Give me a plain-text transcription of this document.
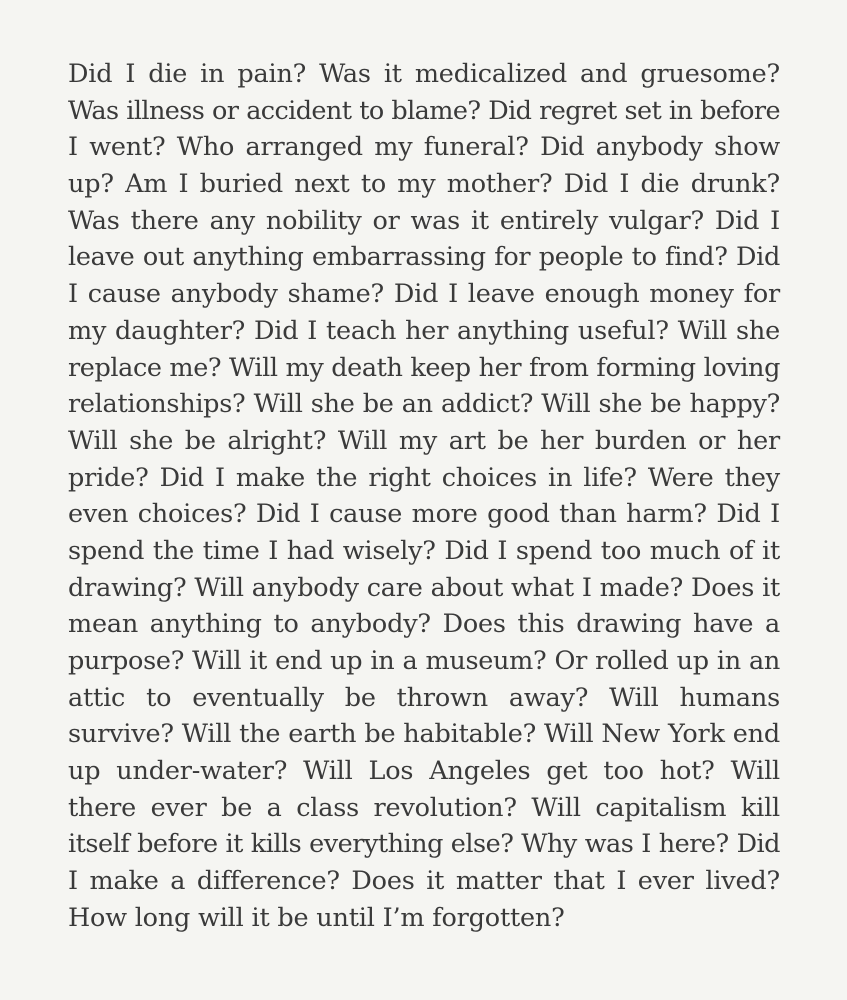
Did I die in pain? Was it medicalized and gruesome?
Was illness or accident to blame? Did regret set in before
I went? Who arranged my funeral? Did anybody show
up? Am I buried next to my mother? Did I die drunk?
Was there any nobility or was it entirely vulgar? Did I
leave out anything embarrassing for people to find? Did
I cause anybody shame? Did I leave enough money for
my daughter? Did I teach her anything useful? Will she
replace me? Will my death keep her from forming loving
relationships? Will she be an addict? Will she be happy?
Will she be alright? Will my art be her burden or her
pride? Did I make the right choices in life? Were they
even choices? Did I cause more good than harm? Did I
spend the time I had wisely? Did I spend too much of it
drawing? Will anybody care about what I made? Does it
mean anything to anybody? Does this drawing have a
purpose? Will it end up in a museum? Or rolled up in an
attic to eventually be thrown away? Will humans
survive? Will the earth be habitable? Will New York end
up under-water? Will Los Angeles get too hot? Will
there ever be a class revolution? Will capitalism kill
itself before it kills everything else? Why was I here? Did
I make a difference? Does it matter that I ever lived?
How long will it be until I’m forgotten?
